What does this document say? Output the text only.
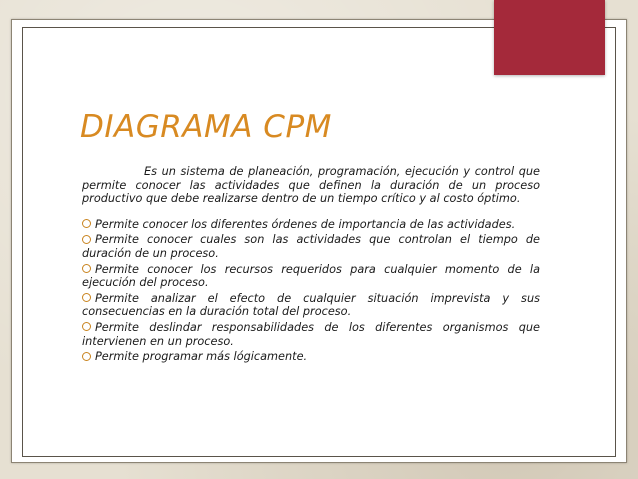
DIAGRAMA CPM

Es un sistema de planeación, programación, ejecución y control que permite conocer las actividades que definen la duración de un proceso productivo que debe realizarse dentro de un tiempo crítico y al costo óptimo.

Permite conocer los diferentes órdenes de importancia de las actividades.
Permite conocer cuales son las actividades que controlan el tiempo de duración de un proceso.
Permite conocer los recursos requeridos para cualquier momento de la ejecución del proceso.
Permite analizar el efecto de cualquier situación imprevista y sus consecuencias en la duración total del proceso.
Permite deslindar responsabilidades de los diferentes organismos que intervienen en un proceso.
Permite programar más lógicamente.
